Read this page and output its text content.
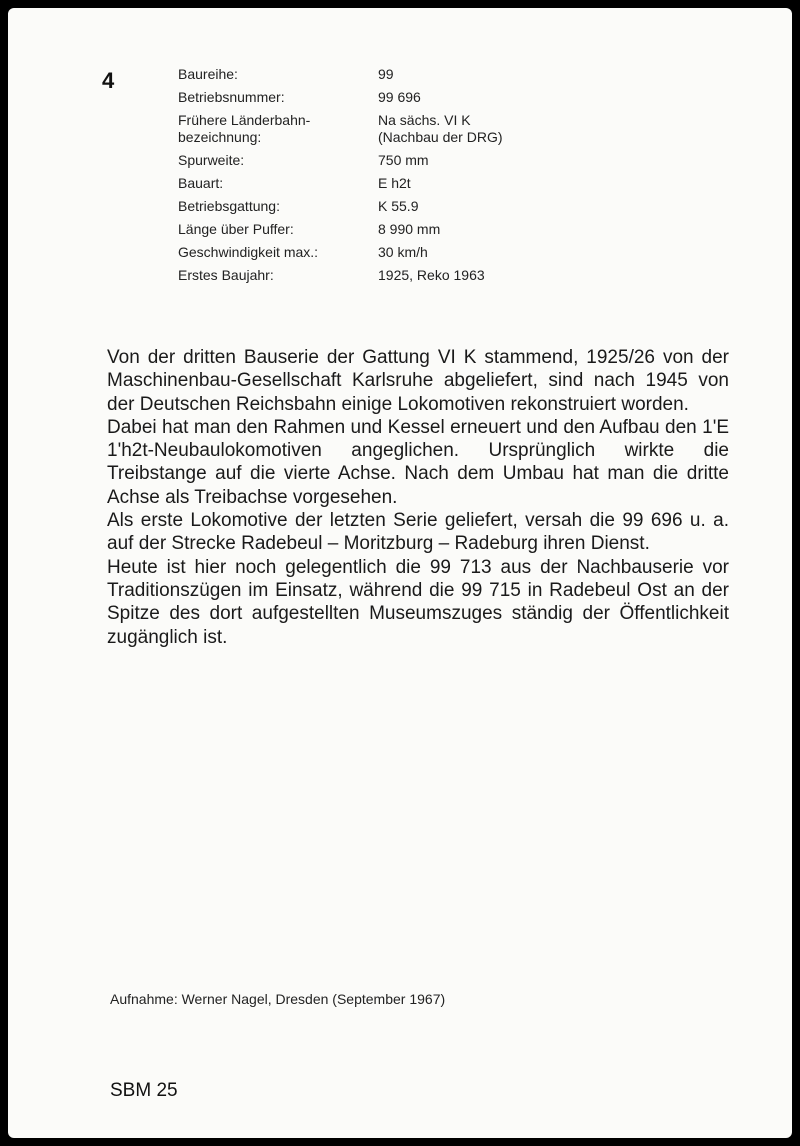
4	Baureihe:	99
Betriebsnummer:	99 696
Frühere Länderbahn-
bezeichnung:	Na sächs. VI K
(Nachbau der DRG)
Spurweite:	750 mm
Bauart:	E h2t
Betriebsgattung:	K 55.9
Länge über Puffer:	8 990 mm
Geschwindigkeit max.:	30 km/h
Erstes Baujahr:	1925, Reko 1963

Von der dritten Bauserie der Gattung VI K stammend, 1925/26 von der Maschinenbau-Gesellschaft Karlsruhe abgeliefert, sind nach 1945 von der Deutschen Reichsbahn einige Lokomotiven rekonstruiert worden.

Dabei hat man den Rahmen und Kessel erneuert und den Aufbau den 1'E 1'h2t-Neubaulokomotiven angeglichen. Ursprünglich wirkte die Treibstange auf die vierte Achse. Nach dem Umbau hat man die dritte Achse als Treibachse vorgesehen.

Als erste Lokomotive der letzten Serie geliefert, versah die 99 696 u. a. auf der Strecke Radebeul – Moritzburg – Radeburg ihren Dienst.

Heute ist hier noch gelegentlich die 99 713 aus der Nachbauserie vor Traditionszügen im Einsatz, während die 99 715 in Radebeul Ost an der Spitze des dort aufgestellten Museumszuges ständig der Öffentlichkeit zugänglich ist.

Aufnahme: Werner Nagel, Dresden (September 1967)
SBM 25
